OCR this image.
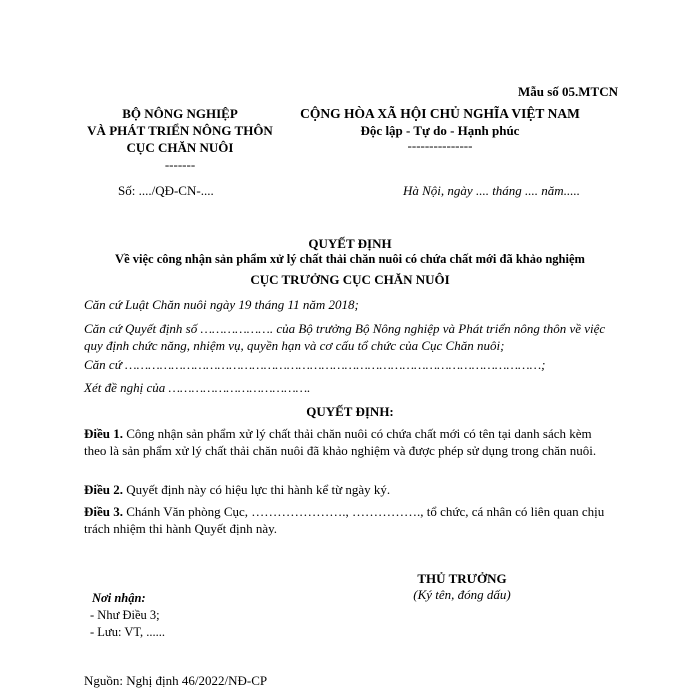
Mẫu số 05.MTCN
BỘ NÔNG NGHIỆP
VÀ PHÁT TRIỂN NÔNG THÔN
CỤC CHĂN NUÔI
-------
CỘNG HÒA XÃ HỘI CHỦ NGHĨA VIỆT NAM
Độc lập - Tự do - Hạnh phúc
---------------
Số: ..../QĐ-CN-....	Hà Nội, ngày .... tháng .... năm.....
QUYẾT ĐỊNH
Về việc công nhận sản phẩm xử lý chất thải chăn nuôi có chứa chất mới đã khảo nghiệm
CỤC TRƯỞNG CỤC CHĂN NUÔI
Căn cứ Luật Chăn nuôi ngày 19 tháng 11 năm 2018;
Căn cứ Quyết định số ………………. của Bộ trưởng Bộ Nông nghiệp và Phát triển nông thôn về việc quy định chức năng, nhiệm vụ, quyền hạn và cơ cấu tổ chức của Cục Chăn nuôi;
Căn cứ ………………………………………………………………………………………………;
Xét đề nghị của ……………………………….
QUYẾT ĐỊNH:
Điều 1. Công nhận sản phẩm xử lý chất thải chăn nuôi có chứa chất mới có tên tại danh sách kèm theo là sản phẩm xử lý chất thải chăn nuôi đã khảo nghiệm và được phép sử dụng trong chăn nuôi.
Điều 2. Quyết định này có hiệu lực thi hành kể từ ngày ký.
Điều 3. Chánh Văn phòng Cục, …………………., ……………., tổ chức, cá nhân có liên quan chịu trách nhiệm thi hành Quyết định này.
THỦ TRƯỞNG
(Ký tên, đóng dấu)
Nơi nhận:
- Như Điều 3;
- Lưu: VT, ......
Nguồn: Nghị định 46/2022/NĐ-CP
